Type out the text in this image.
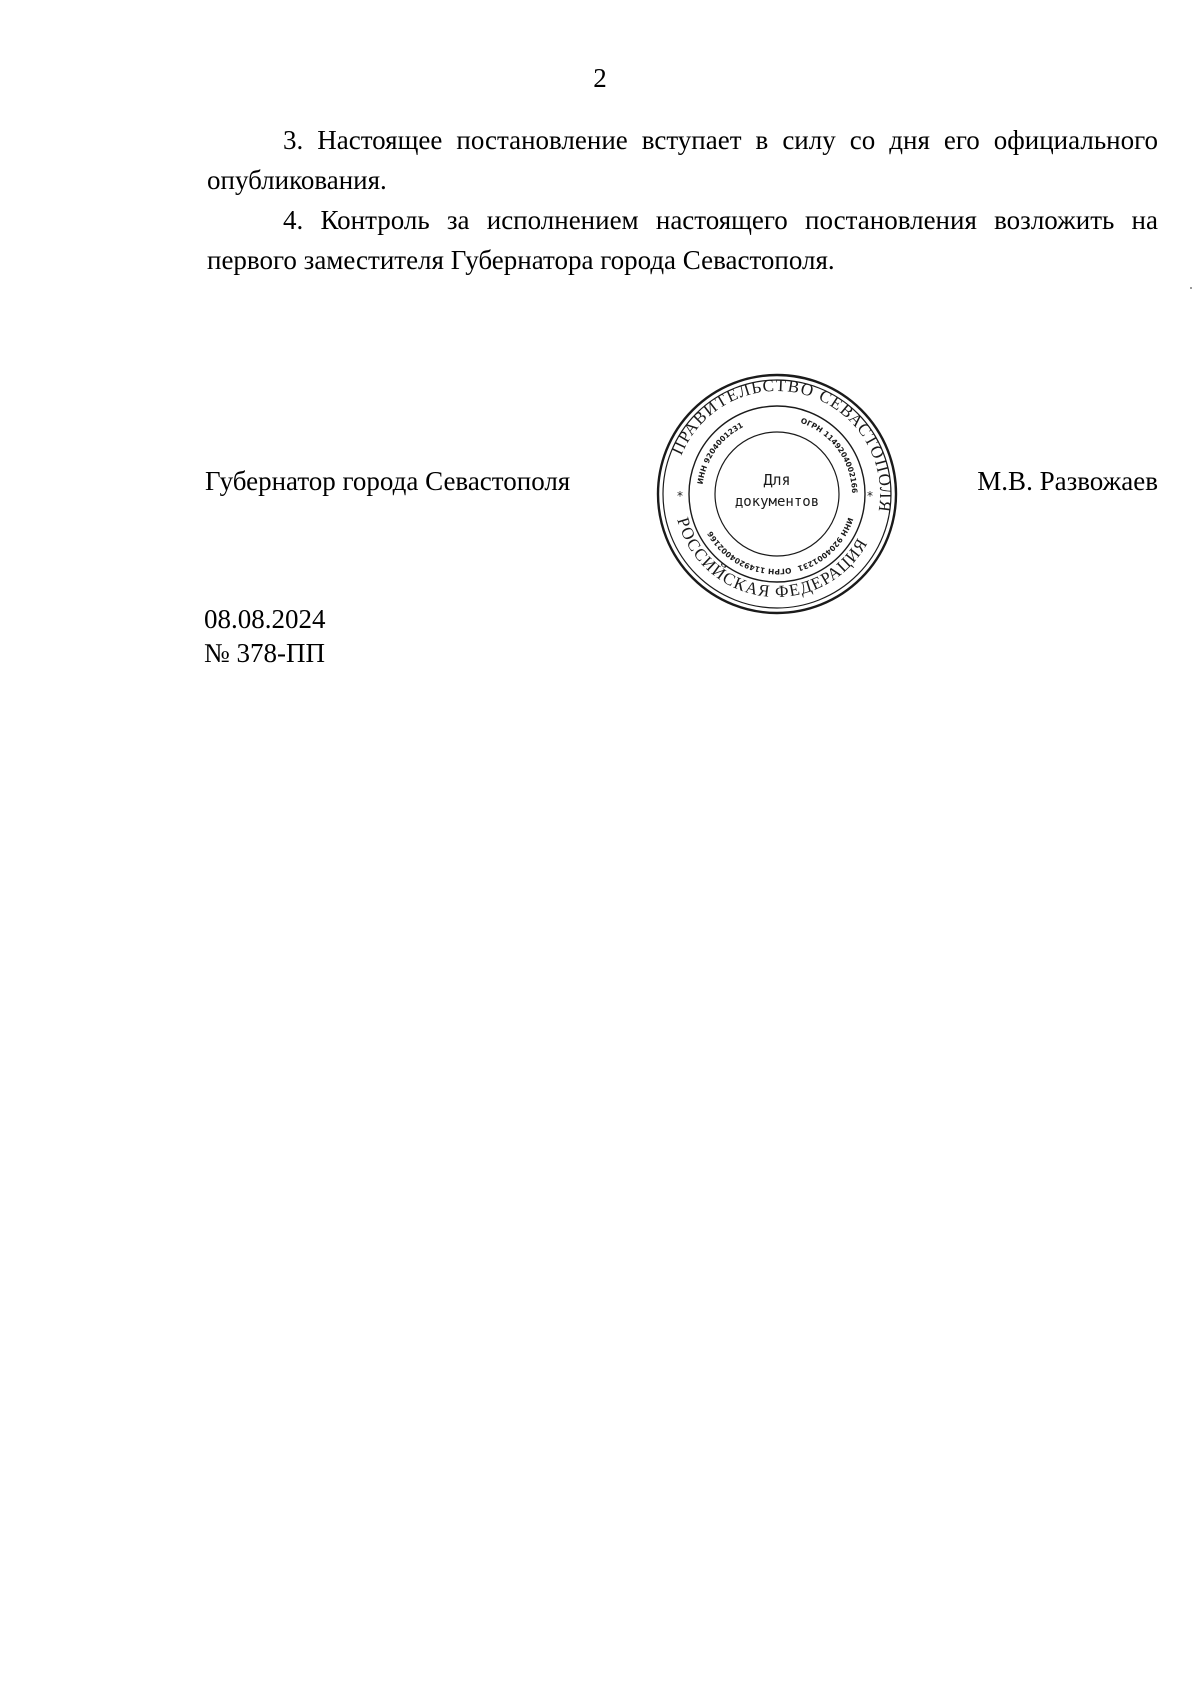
2

3. Настоящее постановление вступает в силу со дня его официального опубликования.

4. Контроль за исполнением настоящего постановления возложить на первого заместителя Губернатора города Севастополя.

Губернатор города Севастополя	М.В. Развожаев
ПРАВИТЕЛЬСТВО СЕВАСТОПОЛЯ
РОССИЙСКАЯ ФЕДЕРАЦИЯ
ОГРН 1149204002166
ИНН 9204001231
ОГРН 1149204002166
ИНН 9204001231
*	*
Для
документов
08.08.2024
№ 378-ПП
